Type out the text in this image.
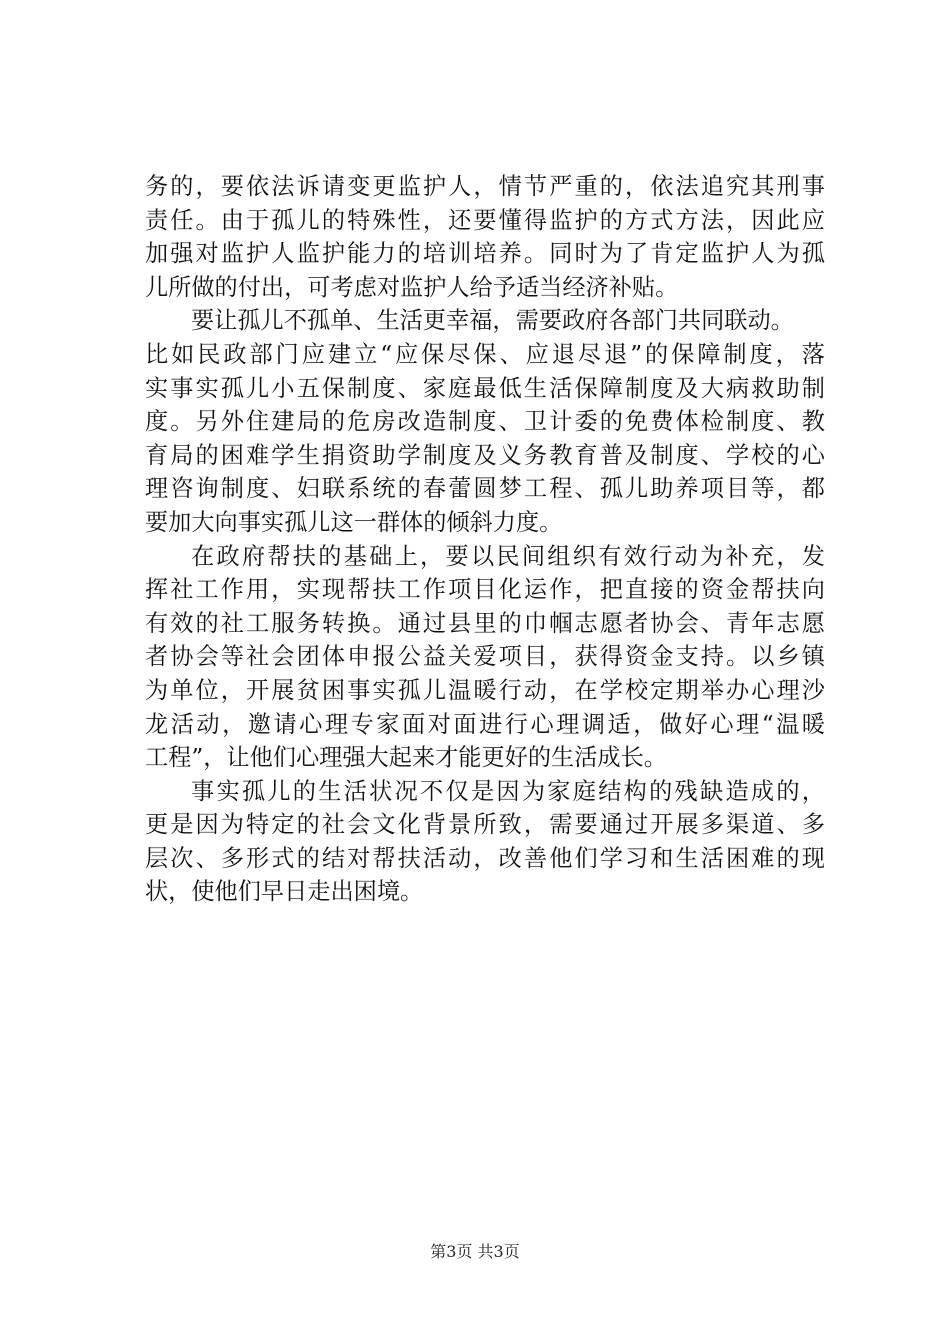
务的，要依法诉请变更监护人，情节严重的，依法追究其刑事
责任。由于孤儿的特殊性，还要懂得监护的方式方法，因此应
加强对监护人监护能力的培训培养。同时为了肯定监护人为孤
儿所做的付出，可考虑对监护人给予适当经济补贴。
要让孤儿不孤单、生活更幸福，需要政府各部门共同联动。
比如民政部门应建立“应保尽保、应退尽退”的保障制度，落
实事实孤儿小五保制度、家庭最低生活保障制度及大病救助制
度。另外住建局的危房改造制度、卫计委的免费体检制度、教
育局的困难学生捐资助学制度及义务教育普及制度、学校的心
理咨询制度、妇联系统的春蕾圆梦工程、孤儿助养项目等，都
要加大向事实孤儿这一群体的倾斜力度。
在政府帮扶的基础上，要以民间组织有效行动为补充，发
挥社工作用，实现帮扶工作项目化运作，把直接的资金帮扶向
有效的社工服务转换。通过县里的巾帼志愿者协会、青年志愿
者协会等社会团体申报公益关爱项目，获得资金支持。以乡镇
为单位，开展贫困事实孤儿温暖行动，在学校定期举办心理沙
龙活动，邀请心理专家面对面进行心理调适，做好心理“温暖
工程”，让他们心理强大起来才能更好的生活成长。
事实孤儿的生活状况不仅是因为家庭结构的残缺造成的，
更是因为特定的社会文化背景所致，需要通过开展多渠道、多
层次、多形式的结对帮扶活动，改善他们学习和生活困难的现
状，使他们早日走出困境。
第3页 共3页
